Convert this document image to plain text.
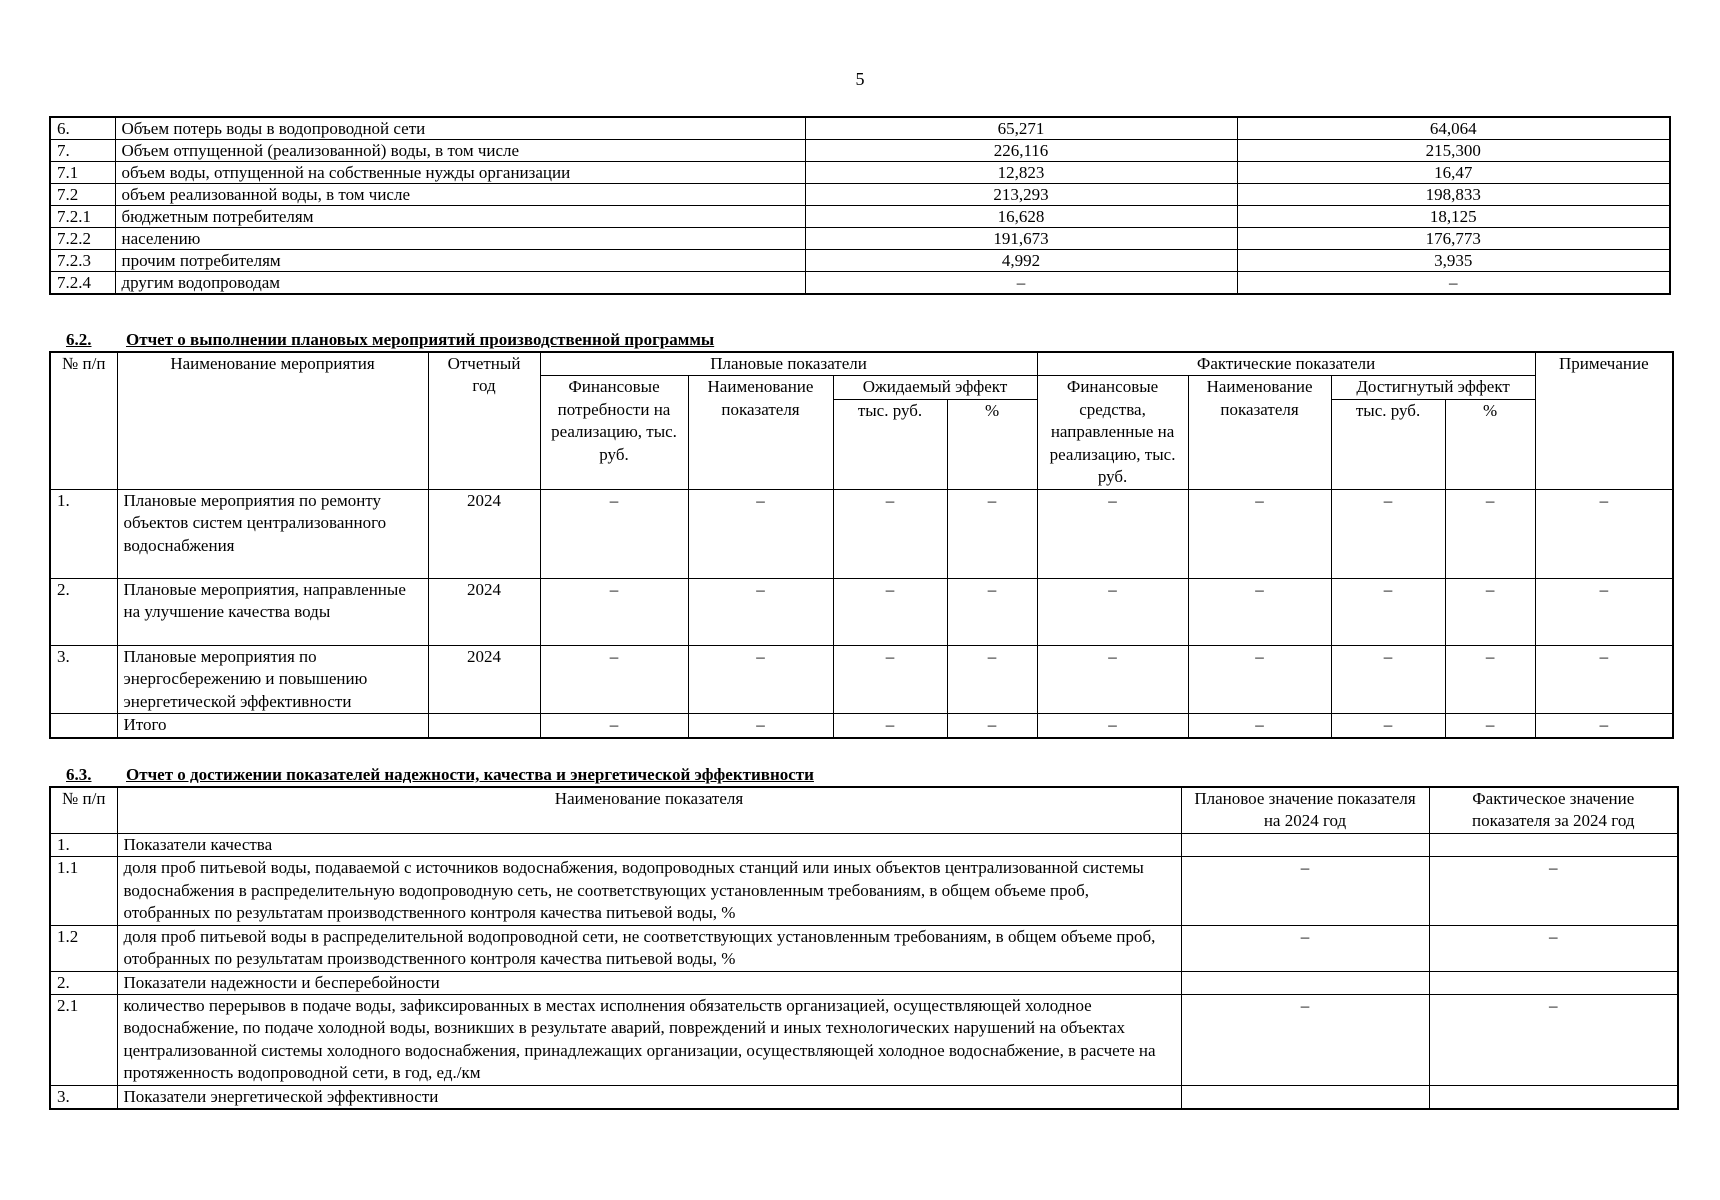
5
6.	Объем потерь воды в водопроводной сети	65,271	64,064
7.	Объем отпущенной (реализованной) воды, в том числе	226,116	215,300
7.1	объем воды, отпущенной на собственные нужды организации	12,823	16,47
7.2	объем реализованной воды, в том числе	213,293	198,833
7.2.1	бюджетным потребителям	16,628	18,125
7.2.2	населению	191,673	176,773
7.2.3	прочим потребителям	4,992	3,935
7.2.4	другим водопроводам	–	–
6.2. Отчет о выполнении плановых мероприятий производственной программы
№ п/п	Наименование мероприятия	Отчетный год	Плановые показатели				Фактические показатели				Примечание
			Финансовые потребности на реализацию, тыс. руб.	Наименование показателя	Ожидаемый эффект		Финансовые средства, направленные на реализацию, тыс. руб.	Наименование показателя	Достигнутый эффект		
					тыс. руб.	%			тыс. руб.	%	
1.	Плановые мероприятия по ремонту объектов систем централизованного водоснабжения	2024	–	–	–	–	–	–	–	–	–
2.	Плановые мероприятия, направленные на улучшение качества воды	2024	–	–	–	–	–	–	–	–	–
3.	Плановые мероприятия по энергосбережению и повышению энергетической эффективности	2024	–	–	–	–	–	–	–	–	–
	Итого		–	–	–	–	–	–	–	–	–
6.3. Отчет о достижении показателей надежности, качества и энергетической эффективности
№ п/п	Наименование показателя	Плановое значение показателя на 2024 год	Фактическое значение показателя за 2024 год
1.	Показатели качества		
1.1	доля проб питьевой воды, подаваемой с источников водоснабжения, водопроводных станций или иных объектов централизованной системы водоснабжения в распределительную водопроводную сеть, не соответствующих установленным требованиям, в общем объеме проб, отобранных по результатам производственного контроля качества питьевой воды, %	–	–
1.2	доля проб питьевой воды в распределительной водопроводной сети, не соответствующих установленным требованиям, в общем объеме проб, отобранных по результатам производственного контроля качества питьевой воды, %	–	–
2.	Показатели надежности и бесперебойности		
2.1	количество перерывов в подаче воды, зафиксированных в местах исполнения обязательств организацией, осуществляющей холодное водоснабжение, по подаче холодной воды, возникших в результате аварий, повреждений и иных технологических нарушений на объектах централизованной системы холодного водоснабжения, принадлежащих организации, осуществляющей холодное водоснабжение, в расчете на протяженность водопроводной сети, в год, ед./км	–	–
3.	Показатели энергетической эффективности		
